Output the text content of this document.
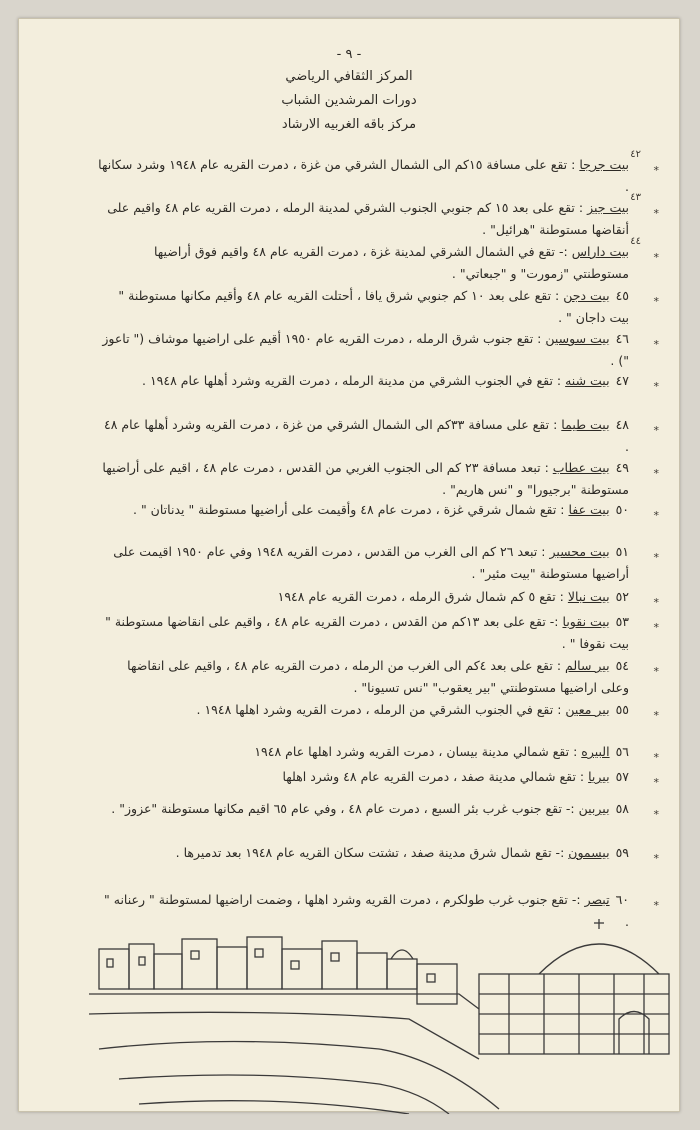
- ٩ -
المركز الثقافي الرياضي
دورات المرشدين الشباب
مركز باقه الغربيه الارشاد
*
٤٢
بيت جرجا : تقع على مسافة ١٥كم الى الشمال الشرقي من غزة ، دمرت القريه عام ١٩٤٨ وشرد سكانها .
*
٤٣
بيت جيز : تقع على بعد ١٥ كم جنوبي الجنوب الشرقي لمدينة الرمله ، دمرت القريه عام ٤٨ واقيم على أنقاضها مستوطنة "هرائيل" .
*
٤٤
بيت داراس :- تقع في الشمال الشرقي لمدينة غزة ، دمرت القريه عام ٤٨ واقيم فوق أراضيها مستوطنتي "زمورت" و "جبعاتي" .
*
٤٥بيت دجن : تقع على بعد ١٠ كم جنوبي شرق يافا ، أحتلت القريه عام ٤٨ وأقيم مكانها مستوطنة " بيت داجان " .
*
٤٦بيت سوسين : تقع جنوب شرق الرمله ، دمرت القريه عام ١٩٥٠ أقيم على اراضيها موشاف (" تاعوز ") .
*
٤٧بيت شنه : تقع في الجنوب الشرقي من مدينة الرمله ، دمرت القريه وشرد أهلها عام ١٩٤٨ .
*
٤٨بيت طيما : تقع على مسافة ٣٣كم الى الشمال الشرقي من غزة ، دمرت القريه وشرد أهلها عام ٤٨ .
*
٤٩بيت عطاب : تبعد مسافة ٢٣ كم الى الجنوب الغربي من القدس ، دمرت عام ٤٨ ، اقيم على أراضيها مستوطنة "برجيورا" و "نس هاريم" .
*
٥٠بيت عفا : تقع شمال شرقي غزة ، دمرت عام ٤٨ وأقيمت على أراضيها مستوطنة " يدناتان " .
*
٥١بيت محسير : تبعد ٢٦ كم الى الغرب من القدس ، دمرت القريه ١٩٤٨ وفي عام ١٩٥٠ اقيمت على أراضيها مستوطنة "بيت مئير" .
*
٥٢بيت نبالا : تقع ٥ كم شمال شرق الرمله ، دمرت القريه عام ١٩٤٨
*
٥٣بيت نقوبا :- تقع على بعد ١٣كم من القدس ، دمرت القريه عام ٤٨ ، واقيم على انقاضها مستوطنة " بيت نقوفا " .
*
٥٤بير سالم : تقع على بعد ٤كم الى الغرب من الرمله ، دمرت القريه عام ٤٨ ، واقيم على انقاضها وعلى اراضيها مستوطنتي "بير يعقوب" "نس تسيونا" .
*
٥٥بير معين : تقع في الجنوب الشرقي من الرمله ، دمرت القريه وشرد اهلها ١٩٤٨ .
*
٥٦البيره : تقع شمالي مدينة بيسان ، دمرت القريه وشرد اهلها عام ١٩٤٨
*
٥٧بيريا : تقع شمالي مدينة صفد ، دمرت القريه عام ٤٨ وشرد اهلها
*
٥٨بيربين :- تقع جنوب غرب بئر السبع ، دمرت عام ٤٨ ، وفي عام ٦٥ اقيم مكانها مستوطنة "عزوز" .
*
٥٩بيسمون :- تقع شمال شرق مدينة صفد ، تشتت سكان القريه عام ١٩٤٨ بعد تدميرها .
*
٦٠تبصر :- تقع جنوب غرب طولكرم ، دمرت القريه وشرد اهلها ، وضمت اراضيها لمستوطنة " رعنانه " .
